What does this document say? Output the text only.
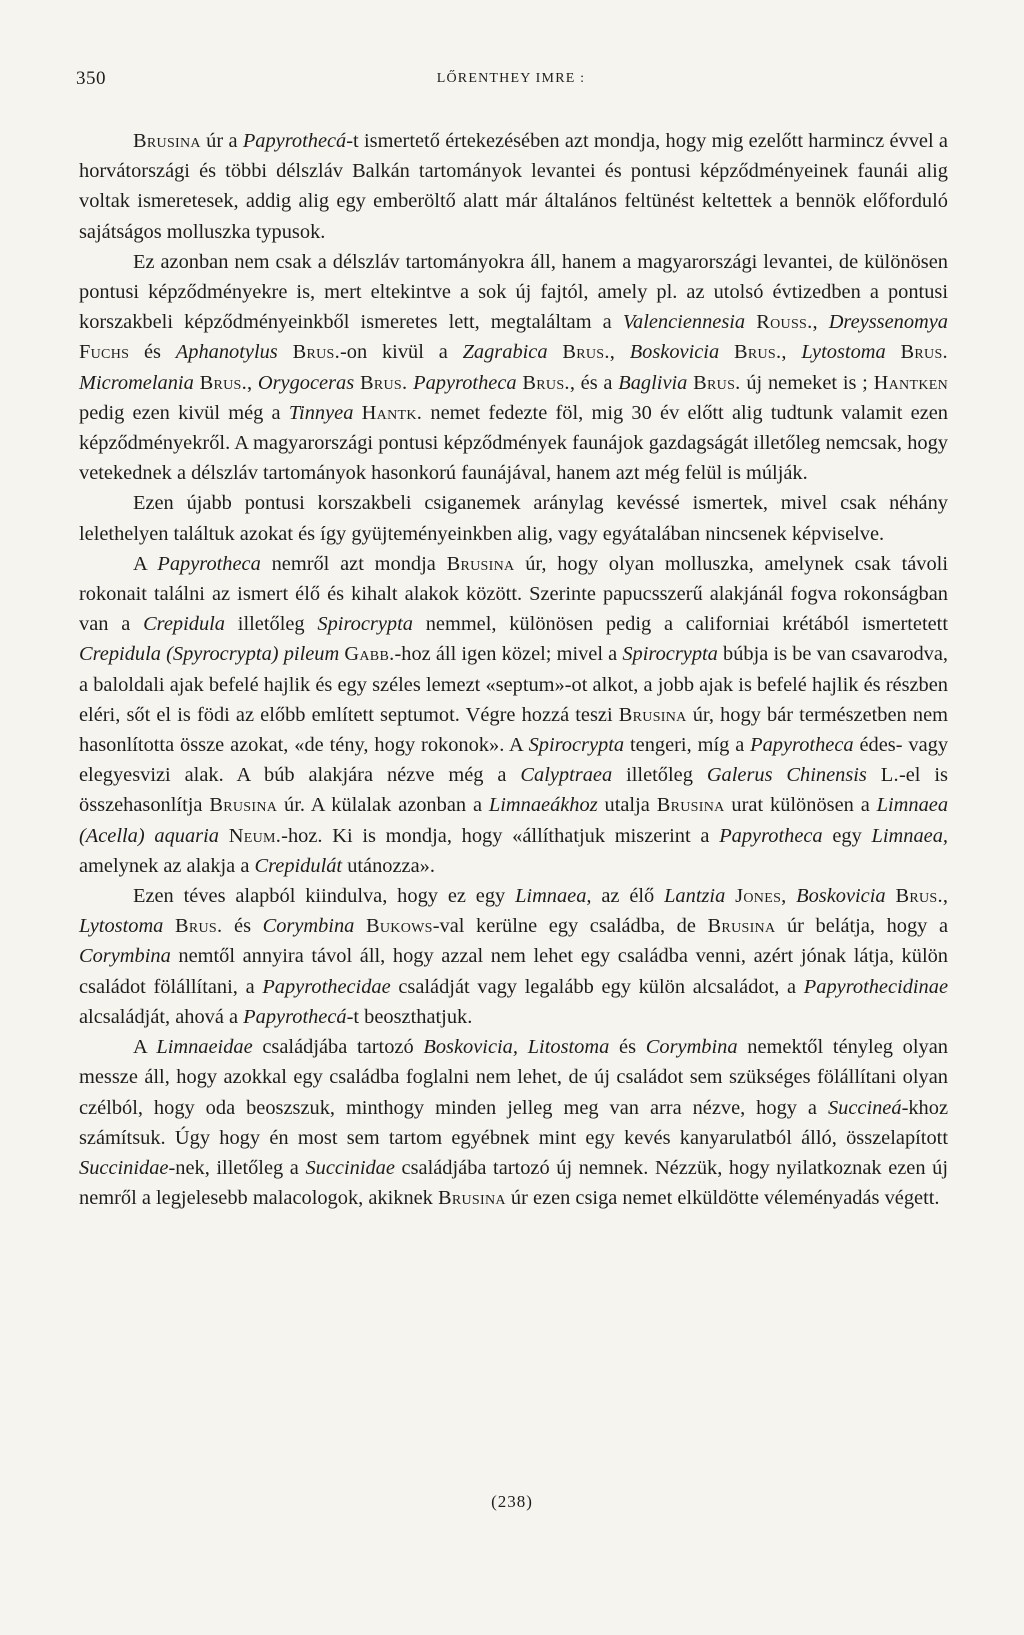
350	LŐRENTHEY IMRE :

Brusina úr a Papyrothecá-t ismertető értekezésében azt mondja, hogy mig ezelőtt harmincz évvel a horvátországi és többi délszláv Balkán tartományok levantei és pontusi képződményeinek faunái alig voltak ismeretesek, addig alig egy emberöltő alatt már általános feltünést keltettek a bennök előforduló sajátságos molluszka typusok.

Ez azonban nem csak a délszláv tartományokra áll, hanem a magyarországi levantei, de különösen pontusi képződményekre is, mert eltekintve a sok új fajtól, amely pl. az utolsó évtizedben a pontusi korszakbeli képződményeinkből ismeretes lett, megtaláltam a Valenciennesia Rouss., Dreyssenomya Fuchs és Aphanotylus Brus.-on kivül a Zagrabica Brus., Boskovicia Brus., Lytostoma Brus. Micromelania Brus., Orygoceras Brus. Papyrotheca Brus., és a Baglivia Brus. új nemeket is ; Hantken pedig ezen kivül még a Tinnyea Hantk. nemet fedezte föl, mig 30 év előtt alig tudtunk valamit ezen képződményekről. A magyarországi pontusi képződmények faunájok gazdagságát illetőleg nemcsak, hogy vetekednek a délszláv tartományok hasonkorú faunájával, hanem azt még felül is múlják.

Ezen újabb pontusi korszakbeli csiganemek aránylag kevéssé ismertek, mivel csak néhány lelethelyen találtuk azokat és így gyüjteményeinkben alig, vagy egyátalában nincsenek képviselve.

A Papyrotheca nemről azt mondja Brusina úr, hogy olyan molluszka, amelynek csak távoli rokonait találni az ismert élő és kihalt alakok között. Szerinte papucsszerű alakjánál fogva rokonságban van a Crepidula illetőleg Spirocrypta nemmel, különösen pedig a californiai krétából ismertetett Crepidula (Spyrocrypta) pileum Gabb.-hoz áll igen közel; mivel a Spirocrypta búbja is be van csavarodva, a baloldali ajak befelé hajlik és egy széles lemezt «septum»-ot alkot, a jobb ajak is befelé hajlik és részben eléri, sőt el is födi az előbb említett septumot. Végre hozzá teszi Brusina úr, hogy bár természetben nem hasonlította össze azokat, «de tény, hogy rokonok». A Spirocrypta tengeri, míg a Papyrotheca édes- vagy elegyesvizi alak. A búb alakjára nézve még a Calyptraea illetőleg Galerus Chinensis L.-el is összehasonlítja Brusina úr. A külalak azonban a Limnaeákhoz utalja Brusina urat különösen a Limnaea (Acella) aquaria Neum.-hoz. Ki is mondja, hogy «állíthatjuk miszerint a Papyrotheca egy Limnaea, amelynek az alakja a Crepidulát utánozza».

Ezen téves alapból kiindulva, hogy ez egy Limnaea, az élő Lantzia Jones, Boskovicia Brus., Lytostoma Brus. és Corymbina Bukows-val kerülne egy családba, de Brusina úr belátja, hogy a Corymbina nemtől annyira távol áll, hogy azzal nem lehet egy családba venni, azért jónak látja, külön családot fölállítani, a Papyrothecidae családját vagy legalább egy külön alcsaládot, a Papyrothecidinae alcsaládját, ahová a Papyrothecá-t beoszthatjuk.

A Limnaeidae családjába tartozó Boskovicia, Litostoma és Corymbina nemektől tényleg olyan messze áll, hogy azokkal egy családba foglalni nem lehet, de új családot sem szükséges fölállítani olyan czélból, hogy oda beoszszuk, minthogy minden jelleg meg van arra nézve, hogy a Succineá-khoz számítsuk. Úgy hogy én most sem tartom egyébnek mint egy kevés kanyarulatból álló, összelapított Succinidae-nek, illetőleg a Succinidae családjába tartozó új nemnek. Nézzük, hogy nyilatkoznak ezen új nemről a legjelesebb malacologok, akiknek Brusina úr ezen csiga nemet elküldötte véleményadás végett.

(238)
